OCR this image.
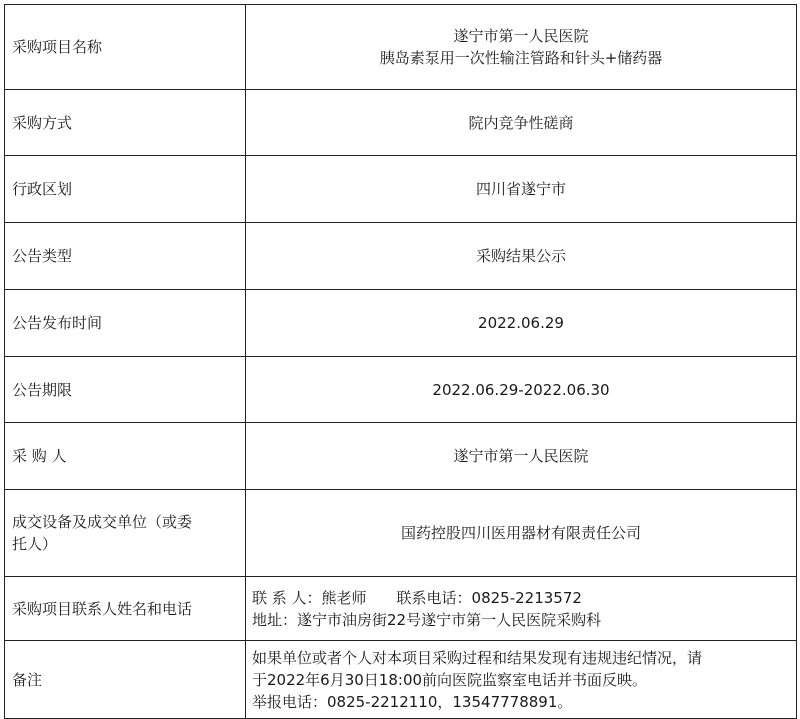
采购项目名称	遂宁市第一人民医院
胰岛素泵用一次性输注管路和针头+储药器

采购方式	院内竞争性磋商
行政区划	四川省遂宁市
公告类型	采购结果公示
公告发布时间	2022.06.29
公告期限	2022.06.29-2022.06.30
采 购 人	遂宁市第一人民医院

成交设备及成交单位（或委
托人）	国药控股四川医用器材有限责任公司
采购项目联系人姓名和电话	联 系 人：熊老师　　联系电话：0825-2213572
地址：遂宁市油房街22号遂宁市第一人民医院采购科

备注	如果单位或者个人对本项目采购过程和结果发现有违规违纪情况，请
于2022年6月30日18:00前向医院监察室电话并书面反映。
举报电话：0825-2212110，13547778891。
